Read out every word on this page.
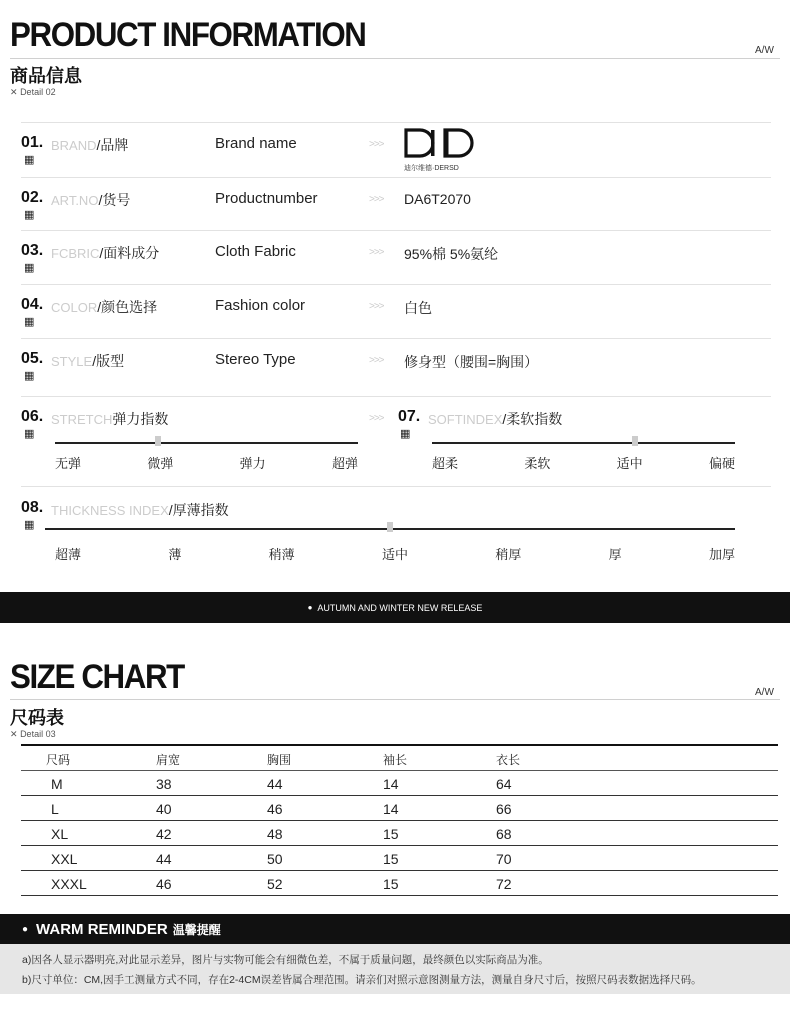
PRODUCT INFORMATION	A/W
商品信息
✕ Detail 02
01.
▦
BRAND/品牌	Brand name	>>>
02.
▦
ART.NO/货号	Productnumber	>>> DA6T2070
03.
▦
FCBRIC/面料成分	Cloth Fabric	>>> 95%棉 5%氨纶
04.
▦
COLOR/颜色选择	Fashion color	>>> 白色
05.
▦
STYLE/版型	Stereo Type	>>> 修身型（腰围=胸围）
迪尔维德·DERSD
06.
▦
STRETCH弹力指数
无弹	微弹	弹力	超弹
>>> 07.
▦
SOFTINDEX/柔软指数
超柔	柔软	适中	偏硬
08.
▦
THICKNESS INDEX/厚薄指数
超薄	薄	稍薄	适中	稍厚	厚	加厚
● AUTUMN AND WINTER NEW RELEASE
SIZE CHART	A/W
尺码表
✕ Detail 03
尺码	肩宽	胸围	袖长	衣长
M	38	44	14	64
L	40	46	14	66
XL	42	48	15	68
XXL	44	50	15	70
XXXL	46	52	15	72
● WARM REMINDER 温馨提醒
a)因各人显示器明亮,对此显示差异，图片与实物可能会有细微色差，不属于质量问题，最终颜色以实际商品为准。
b)尺寸单位：CM,因手工测量方式不同，存在2-4CM误差皆属合理范围。请亲们对照示意图测量方法，测量自身尺寸后，按照尺码表数据选择尺码。
